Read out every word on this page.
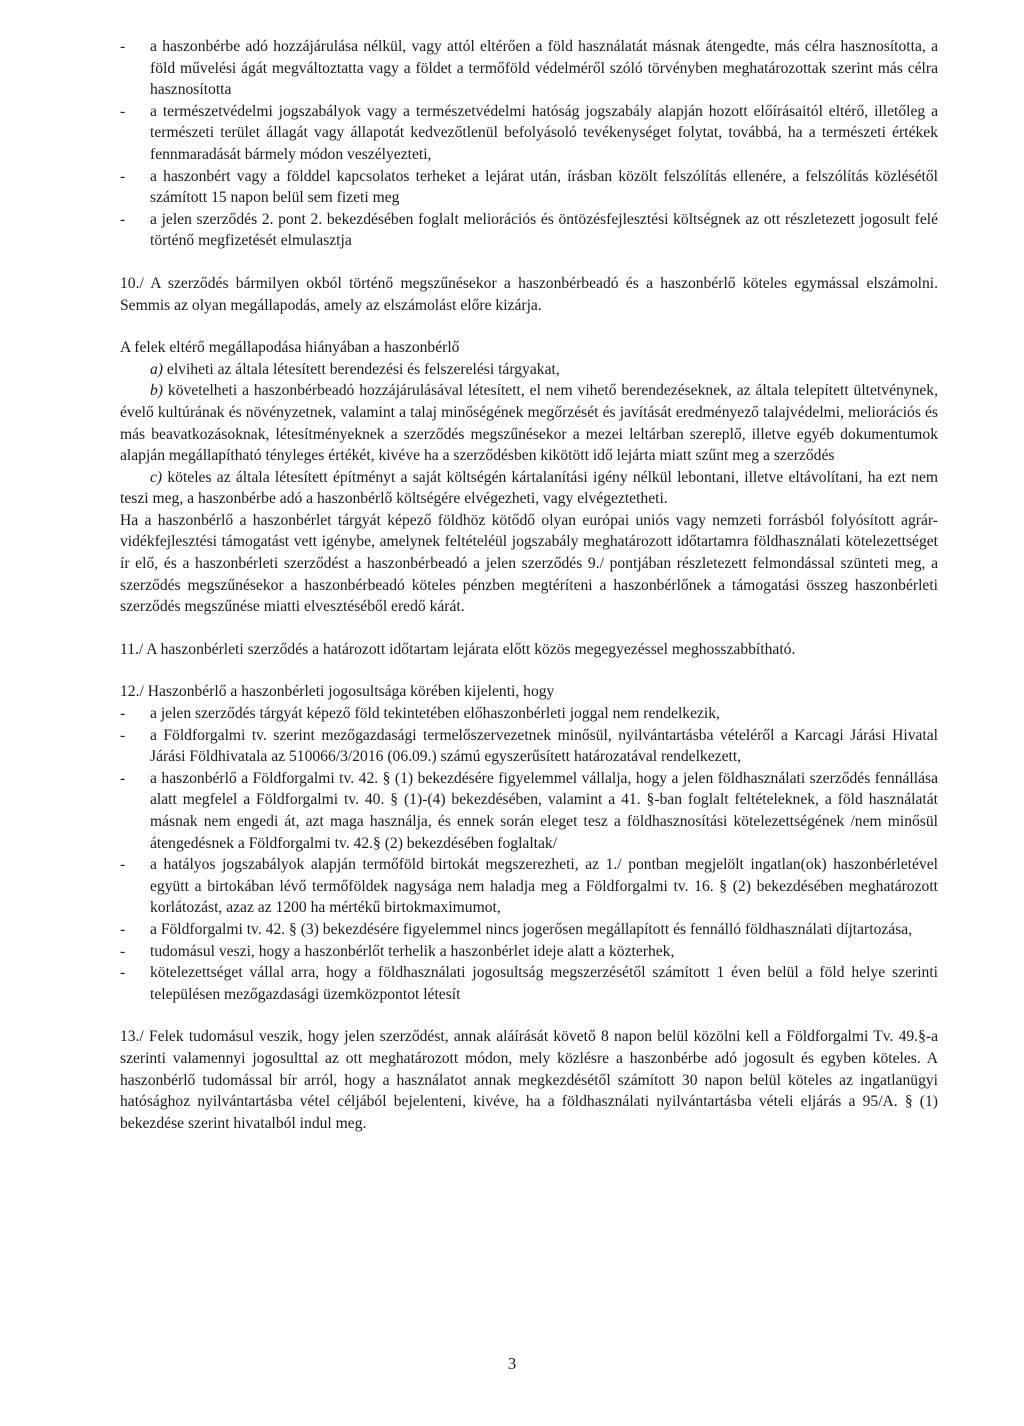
- a haszonbérbe adó hozzájárulása nélkül, vagy attól eltérően a föld használatát másnak átengedte, más célra hasznosította, a föld művelési ágát megváltoztatta vagy a földet a termőföld védelméről szóló törvényben meghatározottak szerint más célra hasznosította

- a természetvédelmi jogszabályok vagy a természetvédelmi hatóság jogszabály alapján hozott előírásaitól eltérő, illetőleg a természeti terület állagát vagy állapotát kedvezőtlenül befolyásoló tevékenységet folytat, továbbá, ha a természeti értékek fennmaradását bármely módon veszélyezteti,

- a haszonbért vagy a földdel kapcsolatos terheket a lejárat után, írásban közölt felszólítás ellenére, a felszólítás közlésétől számított 15 napon belül sem fizeti meg

- a jelen szerződés 2. pont 2. bekezdésében foglalt meliorációs és öntözésfejlesztési költségnek az ott részletezett jogosult felé történő megfizetését elmulasztja

10./ A szerződés bármilyen okból történő megszűnésekor a haszonbérbeadó és a haszonbérlő köteles egymással elszámolni. Semmis az olyan megállapodás, amely az elszámolást előre kizárja.

A felek eltérő megállapodása hiányában a haszonbérlő

a) elviheti az általa létesített berendezési és felszerelési tárgyakat,

b) követelheti a haszonbérbeadó hozzájárulásával létesített, el nem vihető berendezéseknek, az általa telepített ültetvénynek, évelő kultúrának és növényzetnek, valamint a talaj minőségének megőrzését és javítását eredményező talajvédelmi, meliorációs és más beavatkozásoknak, létesítményeknek a szerződés megszűnésekor a mezei leltárban szereplő, illetve egyéb dokumentumok alapján megállapítható tényleges értékét, kivéve ha a szerződésben kikötött idő lejárta miatt szűnt meg a szerződés

c) köteles az általa létesített építményt a saját költségén kártalanítási igény nélkül lebontani, illetve eltávolítani, ha ezt nem teszi meg, a haszonbérbe adó a haszonbérlő költségére elvégezheti, vagy elvégeztetheti.

Ha a haszonbérlő a haszonbérlet tárgyát képező földhöz kötődő olyan európai uniós vagy nemzeti forrásból folyósított agrár-vidékfejlesztési támogatást vett igénybe, amelynek feltételéül jogszabály meghatározott időtartamra földhasználati kötelezettséget ír elő, és a haszonbérleti szerződést a haszonbérbeadó a jelen szerződés 9./ pontjában részletezett felmondással szünteti meg, a szerződés megszűnésekor a haszonbérbeadó köteles pénzben megtéríteni a haszonbérlőnek a támogatási összeg haszonbérleti szerződés megszűnése miatti elvesztéséből eredő kárát.

11./ A haszonbérleti szerződés a határozott időtartam lejárata előtt közös megegyezéssel meghosszabbítható.

12./ Haszonbérlő a haszonbérleti jogosultsága körében kijelenti, hogy

- a jelen szerződés tárgyát képező föld tekintetében előhaszonbérleti joggal nem rendelkezik,

- a Földforgalmi tv. szerint mezőgazdasági termelőszervezetnek minősül, nyilvántartásba vételéről a Karcagi Járási Hivatal Járási Földhivatala az 510066/3/2016 (06.09.) számú egyszerűsített határozatával rendelkezett,

- a haszonbérlő a Földforgalmi tv. 42. § (1) bekezdésére figyelemmel vállalja, hogy a jelen földhasználati szerződés fennállása alatt megfelel a Földforgalmi tv. 40. § (1)-(4) bekezdésében, valamint a 41. §-ban foglalt feltételeknek, a föld használatát másnak nem engedi át, azt maga használja, és ennek során eleget tesz a földhasznosítási kötelezettségének /nem minősül átengedésnek a Földforgalmi tv. 42.§ (2) bekezdésében foglaltak/

- a hatályos jogszabályok alapján termőföld birtokát megszerezheti, az 1./ pontban megjelölt ingatlan(ok) haszonbérletével együtt a birtokában lévő termőföldek nagysága nem haladja meg a Földforgalmi tv. 16. § (2) bekezdésében meghatározott korlátozást, azaz az 1200 ha mértékű birtokmaximumot,

- a Földforgalmi tv. 42. § (3) bekezdésére figyelemmel nincs jogerősen megállapított és fennálló földhasználati díjtartozása,

- tudomásul veszi, hogy a haszonbérlőt terhelik a haszonbérlet ideje alatt a közterhek,

- kötelezettséget vállal arra, hogy a földhasználati jogosultság megszerzésétől számított 1 éven belül a föld helye szerinti településen mezőgazdasági üzemközpontot létesít

13./ Felek tudomásul veszik, hogy jelen szerződést, annak aláírását követő 8 napon belül közölni kell a Földforgalmi Tv. 49.§-a szerinti valamennyi jogosulttal az ott meghatározott módon, mely közlésre a haszonbérbe adó jogosult és egyben köteles. A haszonbérlő tudomással bír arról, hogy a használatot annak megkezdésétől számított 30 napon belül köteles az ingatlanügyi hatósághoz nyilvántartásba vétel céljából bejelenteni, kivéve, ha a földhasználati nyilvántartásba vételi eljárás a 95/A. § (1) bekezdése szerint hivatalból indul meg.

3
